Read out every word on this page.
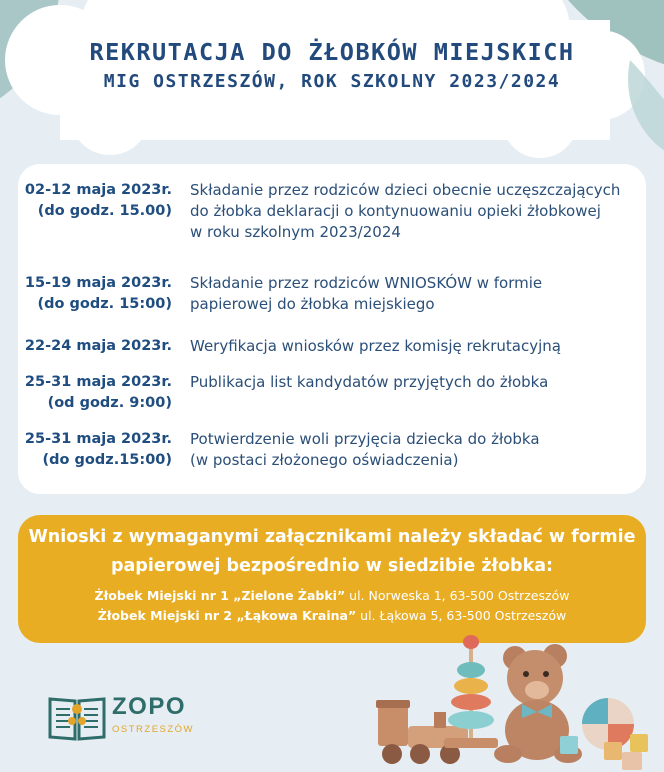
REKRUTACJA DO ŻŁOBKÓW MIEJSKICH
MIG OSTRZESZÓW, ROK SZKOLNY 2023/2024
02-12 maja 2023r.
(do godz. 15.00)
Składanie przez rodziców dzieci obecnie uczęszczających
do żłobka deklaracji o kontynuowaniu opieki żłobkowej
w roku szkolnym 2023/2024
15-19 maja 2023r.
(do godz. 15:00)
Składanie przez rodziców WNIOSKÓW w formie
papierowej do żłobka miejskiego
22-24 maja 2023r. Weryfikacja wniosków przez komisję rekrutacyjną
25-31 maja 2023r.
(od godz. 9:00)
Publikacja list kandydatów przyjętych do żłobka
25-31 maja 2023r.
(do godz.15:00)
Potwierdzenie woli przyjęcia dziecka do żłobka
(w postaci złożonego oświadczenia)
Wnioski z wymaganymi załącznikami należy składać w formie
papierowej bezpośrednio w siedzibie żłobka:
Żłobek Miejski nr 1 „Zielone Żabki” ul. Norweska 1, 63-500 Ostrzeszów
Żłobek Miejski nr 2 „Łąkowa Kraina” ul. Łąkowa 5, 63-500 Ostrzeszów
ZOPO
OSTRZESZÓW
